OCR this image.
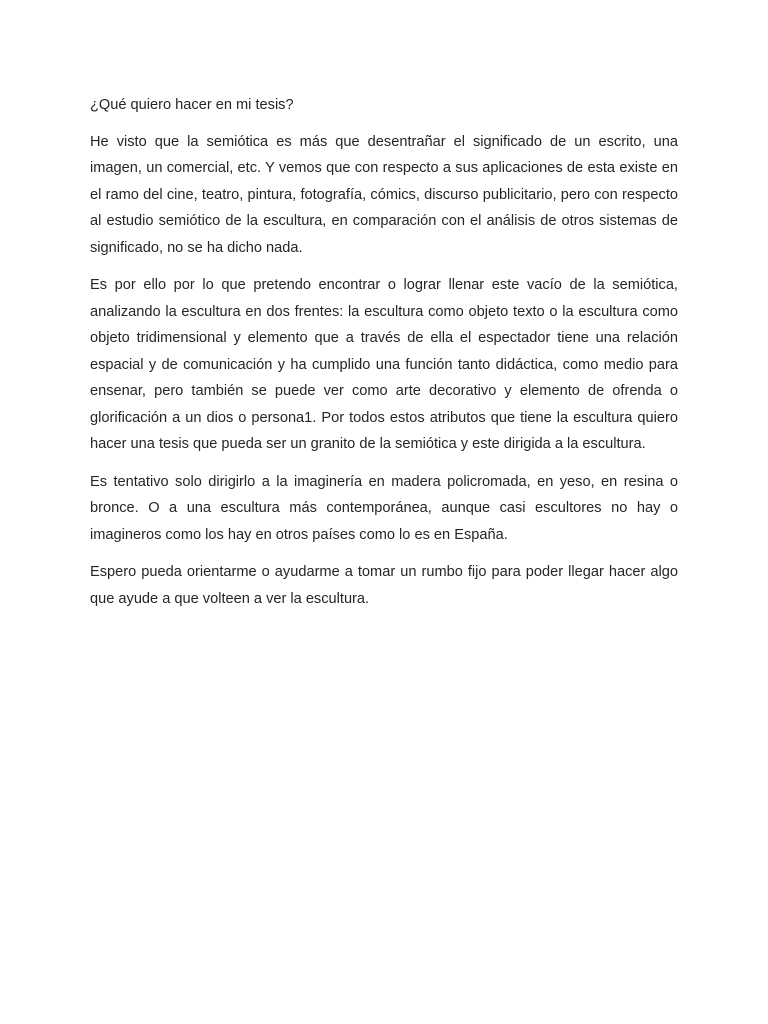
¿Qué quiero hacer en mi tesis?

He visto que la semiótica es más que desentrañar el significado de un escrito, una imagen, un comercial, etc. Y vemos que con respecto a sus aplicaciones de esta existe en el ramo del cine, teatro, pintura, fotografía, cómics, discurso publicitario, pero con respecto al estudio semiótico de la escultura, en comparación con el análisis de otros sistemas de significado, no se ha dicho nada.

Es por ello por lo que pretendo encontrar o lograr llenar este vacío de la semiótica, analizando la escultura en dos frentes: la escultura como objeto texto o la escultura como objeto tridimensional y elemento que a través de ella el espectador tiene una relación espacial y de comunicación y ha cumplido una función tanto didáctica, como medio para ensenar, pero también se puede ver como arte decorativo y elemento de ofrenda o glorificación a un dios o persona1. Por todos estos atributos que tiene la escultura quiero hacer una tesis que pueda ser un granito de la semiótica y este dirigida a la escultura.

Es tentativo solo dirigirlo a la imaginería en madera policromada, en yeso, en resina o bronce. O a una escultura más contemporánea, aunque casi escultores no hay o imagineros como los hay en otros países como lo es en España.

Espero pueda orientarme o ayudarme a tomar un rumbo fijo para poder llegar hacer algo que ayude a que volteen a ver la escultura.
